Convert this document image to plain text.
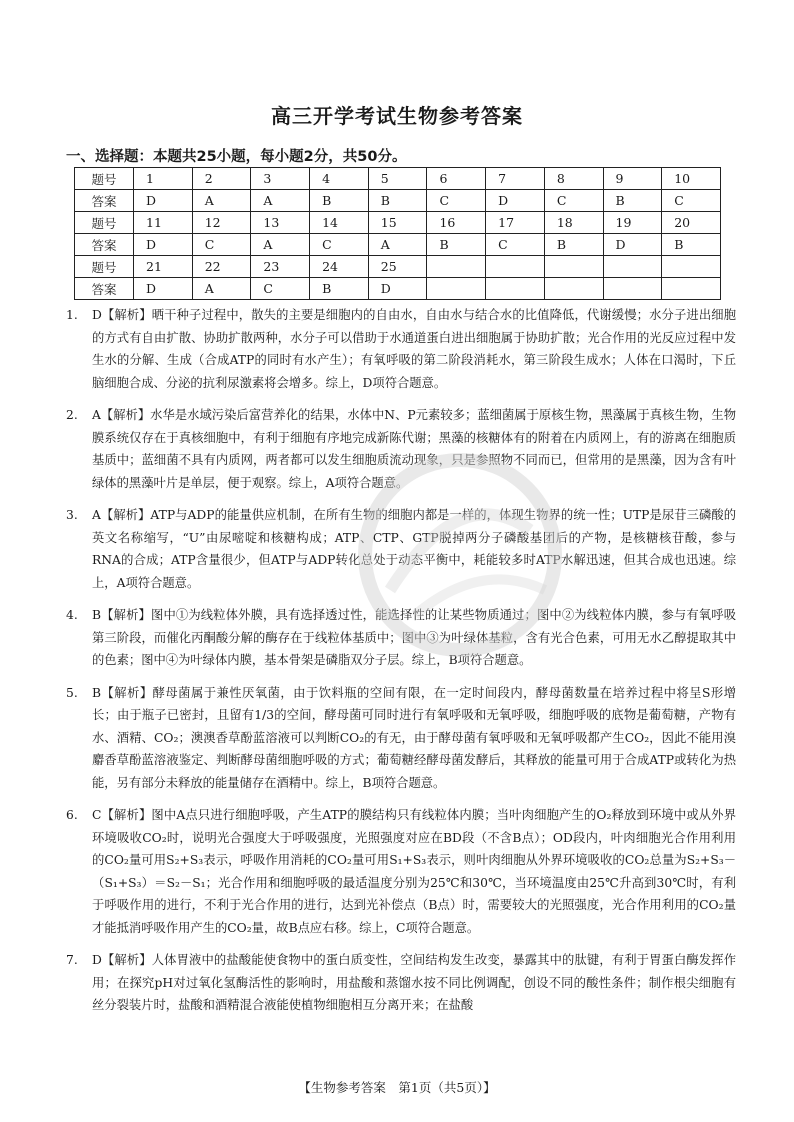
高三开学考试生物参考答案
一、选择题：本题共25小题，每小题2分，共50分。
题号	1	2	3	4	5	6	7	8	9	10
答案	D	A	A	B	B	C	D	C	B	C
题号	11	12	13	14	15	16	17	18	19	20
答案	D	C	A	C	A	B	C	B	D	B
题号	21	22	23	24	25					
答案	D	A	C	B	D					
1. D【解析】晒干种子过程中，散失的主要是细胞内的自由水，自由水与结合水的比值降低，代谢缓慢；水分子进出细胞的方式有自由扩散、协助扩散两种，水分子可以借助于水通道蛋白进出细胞属于协助扩散；光合作用的光反应过程中发生水的分解、生成（合成ATP的同时有水产生）；有氧呼吸的第二阶段消耗水，第三阶段生成水；人体在口渴时，下丘脑细胞合成、分泌的抗利尿激素将会增多。综上，D项符合题意。
2. A【解析】水华是水域污染后富营养化的结果，水体中N、P元素较多；蓝细菌属于原核生物，黑藻属于真核生物，生物膜系统仅存在于真核细胞中，有利于细胞有序地完成新陈代谢；黑藻的核糖体有的附着在内质网上，有的游离在细胞质基质中；蓝细菌不具有内质网，两者都可以发生细胞质流动现象，只是参照物不同而已，但常用的是黑藻，因为含有叶绿体的黑藻叶片是单层，便于观察。综上，A项符合题意。
3. A【解析】ATP与ADP的能量供应机制，在所有生物的细胞内都是一样的，体现生物界的统一性；UTP是尿苷三磷酸的英文名称缩写，“U”由尿嘧啶和核糖构成；ATP、CTP、GTP脱掉两分子磷酸基团后的产物，是核糖核苷酸，参与RNA的合成；ATP含量很少，但ATP与ADP转化总处于动态平衡中，耗能较多时ATP水解迅速，但其合成也迅速。综上，A项符合题意。
4. B【解析】图中①为线粒体外膜，具有选择透过性，能选择性的让某些物质通过；图中②为线粒体内膜，参与有氧呼吸第三阶段，而催化丙酮酸分解的酶存在于线粒体基质中；图中③为叶绿体基粒，含有光合色素，可用无水乙醇提取其中的色素；图中④为叶绿体内膜，基本骨架是磷脂双分子层。综上，B项符合题意。
5. B【解析】酵母菌属于兼性厌氧菌，由于饮料瓶的空间有限，在一定时间段内，酵母菌数量在培养过程中将呈S形增长；由于瓶子已密封，且留有1/3的空间，酵母菌可同时进行有氧呼吸和无氧呼吸，细胞呼吸的底物是葡萄糖，产物有水、酒精、CO₂；澳澳香草酚蓝溶液可以判断CO₂的有无，由于酵母菌有氧呼吸和无氧呼吸都产生CO₂，因此不能用溴麝香草酚蓝溶液鉴定、判断酵母菌细胞呼吸的方式；葡萄糖经酵母菌发酵后，其释放的能量可用于合成ATP或转化为热能，另有部分未释放的能量储存在酒精中。综上，B项符合题意。
6. C【解析】图中A点只进行细胞呼吸，产生ATP的膜结构只有线粒体内膜；当叶肉细胞产生的O₂释放到环境中或从外界环境吸收CO₂时，说明光合强度大于呼吸强度，光照强度对应在BD段（不含B点）；OD段内，叶肉细胞光合作用利用的CO₂量可用S₂+S₃表示，呼吸作用消耗的CO₂量可用S₁+S₃表示，则叶肉细胞从外界环境吸收的CO₂总量为S₂+S₃－（S₁+S₃）＝S₂－S₁；光合作用和细胞呼吸的最适温度分别为25℃和30℃，当环境温度由25℃升高到30℃时，有利于呼吸作用的进行，不利于光合作用的进行，达到光补偿点（B点）时，需要较大的光照强度，光合作用利用的CO₂量才能抵消呼吸作用产生的CO₂量，故B点应右移。综上，C项符合题意。
7. D【解析】人体胃液中的盐酸能使食物中的蛋白质变性，空间结构发生改变，暴露其中的肽键，有利于胃蛋白酶发挥作用；在探究pH对过氧化氢酶活性的影响时，用盐酸和蒸馏水按不同比例调配，创设不同的酸性条件；制作根尖细胞有丝分裂装片时，盐酸和酒精混合液能使植物细胞相互分离开来；在盐酸
【生物参考答案　第1页（共5页）】
